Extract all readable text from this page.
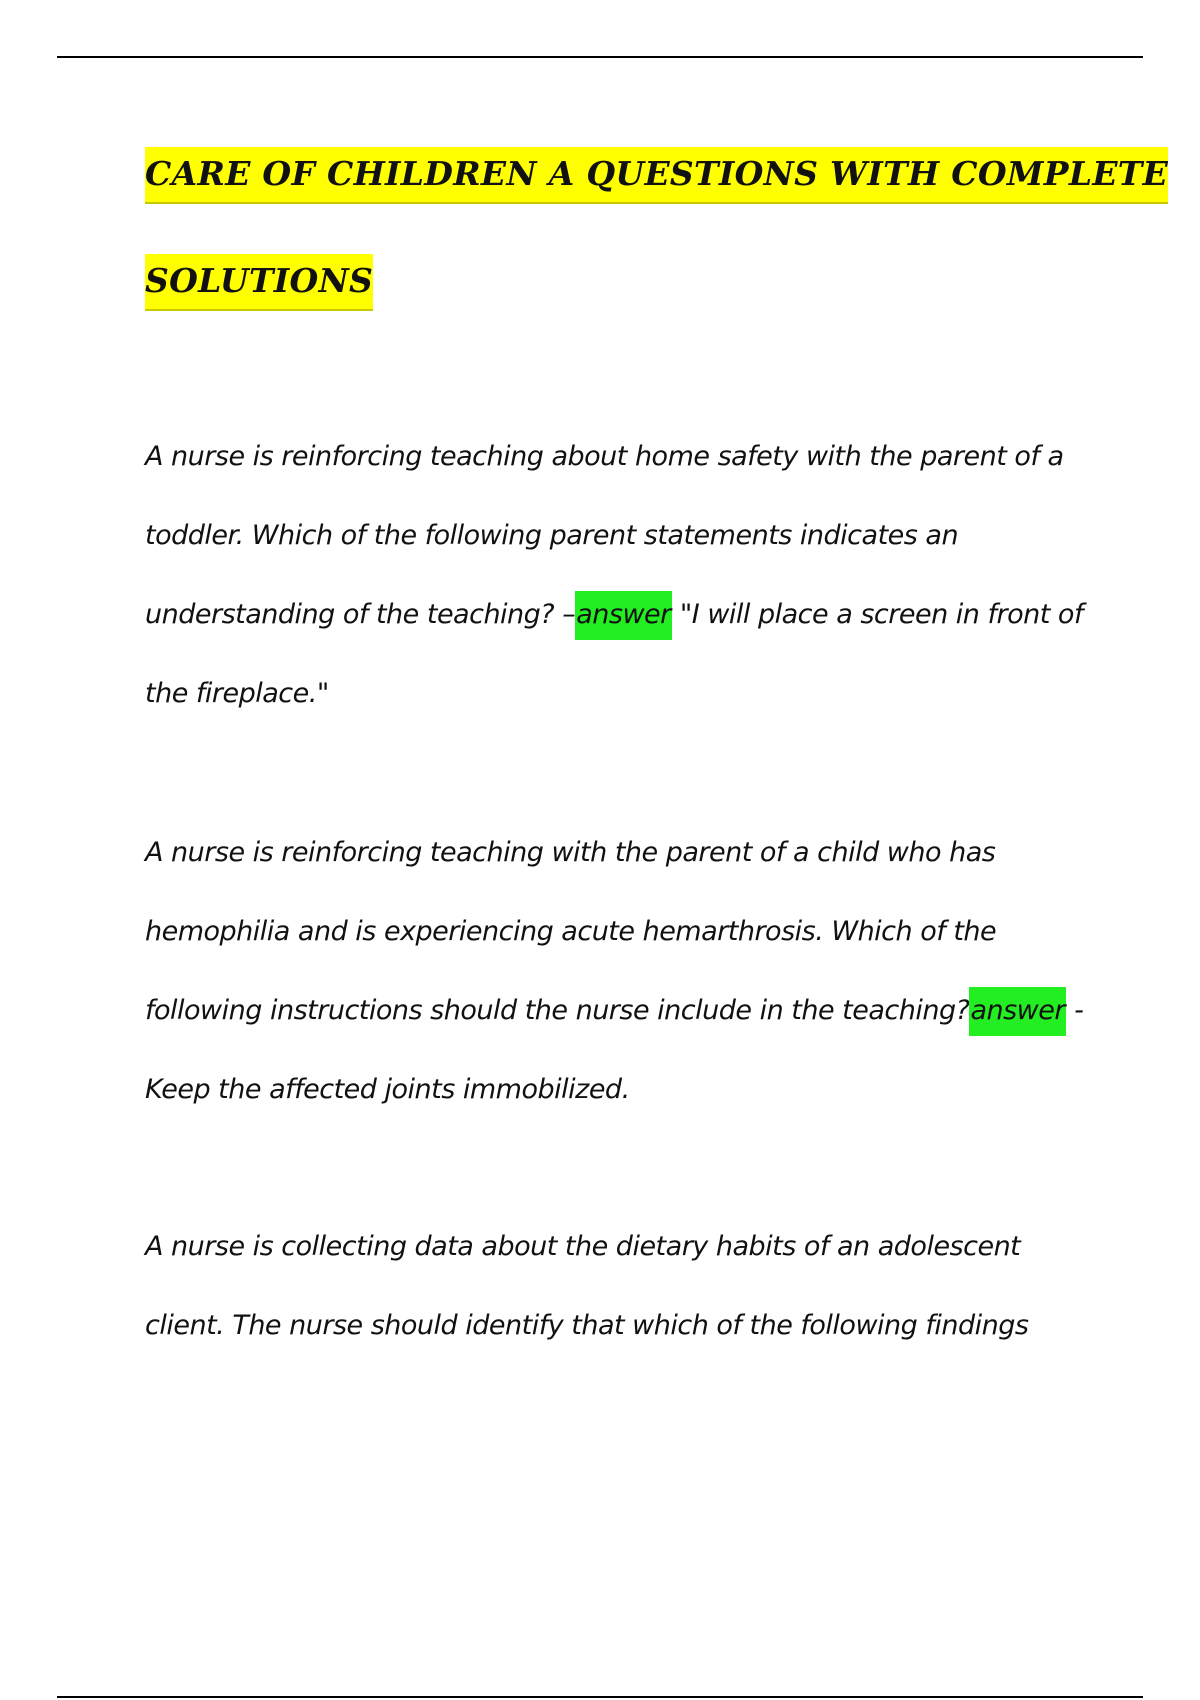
CARE OF CHILDREN A QUESTIONS WITH COMPLETE
SOLUTIONS

A nurse is reinforcing teaching about home safety with the parent of a toddler. Which of the following parent statements indicates an understanding of the teaching? –answer "I will place a screen in front of the fireplace."

A nurse is reinforcing teaching with the parent of a child who has hemophilia and is experiencing acute hemarthrosis. Which of the following instructions should the nurse include in the teaching?answer - Keep the affected joints immobilized.

A nurse is collecting data about the dietary habits of an adolescent client. The nurse should identify that which of the following findings
